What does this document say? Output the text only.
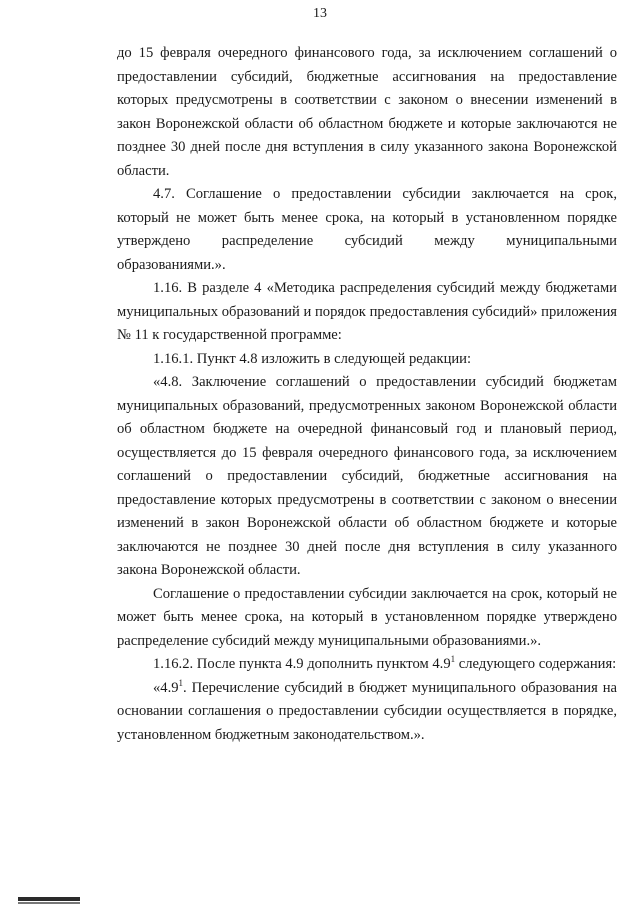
13

до 15 февраля очередного финансового года, за исключением соглашений о предоставлении субсидий, бюджетные ассигнования на предоставление которых предусмотрены в соответствии с законом о внесении изменений в закон Воронежской области об областном бюджете и которые заключаются не позднее 30 дней после дня вступления в силу указанного закона Воронежской области.

4.7. Соглашение о предоставлении субсидии заключается на срок, который не может быть менее срока, на который в установленном порядке утверждено распределение субсидий между муниципальными образованиями.».

1.16. В разделе 4 «Методика распределения субсидий между бюджетами муниципальных образований и порядок предоставления субсидий» приложения № 11 к государственной программе:

1.16.1. Пункт 4.8 изложить в следующей редакции:

«4.8. Заключение соглашений о предоставлении субсидий бюджетам муниципальных образований, предусмотренных законом Воронежской области об областном бюджете на очередной финансовый год и плановый период, осуществляется до 15 февраля очередного финансового года, за исключением соглашений о предоставлении субсидий, бюджетные ассигнования на предоставление которых предусмотрены в соответствии с законом о внесении изменений в закон Воронежской области об областном бюджете и которые заключаются не позднее 30 дней после дня вступления в силу указанного закона Воронежской области.

Соглашение о предоставлении субсидии заключается на срок, который не может быть менее срока, на который в установленном порядке утверждено распределение субсидий между муниципальными образованиями.».

1.16.2. После пункта 4.9 дополнить пунктом $4.9^1$ следующего содержания:

«$4.9^1$. Перечисление субсидий в бюджет муниципального образования на основании соглашения о предоставлении субсидии осуществляется в порядке, установленном бюджетным законодательством.».
